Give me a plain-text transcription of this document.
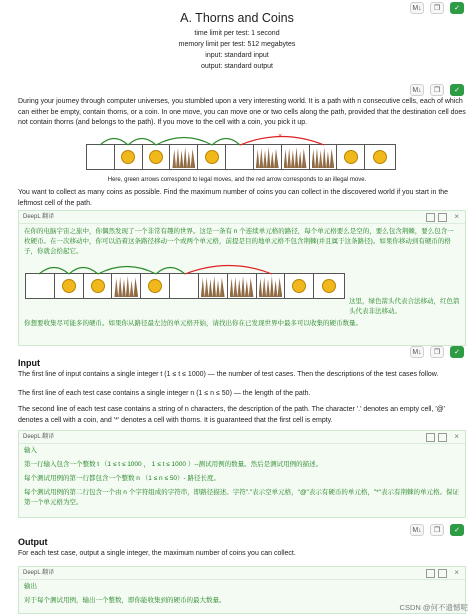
M↓	❐	✓
A. Thorns and Coins
time limit per test: 1 second
memory limit per test: 512 megabytes
input: standard input
output: standard output
M↓	❐	✓
During your journey through computer universes, you stumbled upon a very interesting world. It is a path with n consecutive cells, each of which can either be empty, contain thorns, or a coin. In one move, you can move one or two cells along the path, provided that the destination cell does not contain thorns (and belongs to the path). If you move to the cell with a coin, you pick it up.
×
Here, green arrows correspond to legal moves, and the red arrow corresponds to an illegal move.
You want to collect as many coins as possible. Find the maximum number of coins you can collect in the discovered world if you start in the leftmost cell of the path.
DeepL 翻译	×
在你的电脑宇宙之旅中，你偶然发现了一个非常有趣的世界。这是一条有 n 个连续单元格的路径，每个单元格要么是空的，要么包含荆棘，要么包含一枚硬币。在一次移动中，你可以沿着这条路径移动一个或两个单元格，前提是目的地单元格不包含荆棘(并且属于这条路径)。如果你移动到有硬币的格子，你就会拾起它。
这里，绿色箭头代表合法移动，红色箭头代表非法移动。
你想要收集尽可能多的硬币。如果你从路径最左边的单元格开始，请找出你在已发现世界中最多可以收集的硬币数量。
Input
M↓	❐	✓
The first line of input contains a single integer t (1 ≤ t ≤ 1000) — the number of test cases. Then the descriptions of the test cases follow.
The first line of each test case contains a single integer n (1 ≤ n ≤ 50) — the length of the path.
The second line of each test case contains a string of n characters, the description of the path. The character '.' denotes an empty cell, '@' denotes a cell with a coin, and '*' denotes a cell with thorns. It is guaranteed that the first cell is empty.
DeepL 翻译	×
输入
第一行输入包含一个整数 t （1 ≤ t ≤ 1000 ， 1 ≤ t ≤ 1000 ）--测试用例的数量。然后是测试用例的描述。
每个测试用例的第一行都包含一个整数 n （1 ≤ n ≤ 50）- 路径长度。
每个测试用例的第二行包含一个由 n 个字符组成的字符串，即路径描述。字符"."表示空单元格，"@"表示有硬币的单元格，"*"表示有荆棘的单元格。保证第一个单元格为空。
M↓	❐	✓
Output
For each test case, output a single integer, the maximum number of coins you can collect.
DeepL 翻译	×
输出
对于每个测试用例，输出一个整数，即你能收集到的硬币的最大数量。
CSDN @何不遗憾呢
